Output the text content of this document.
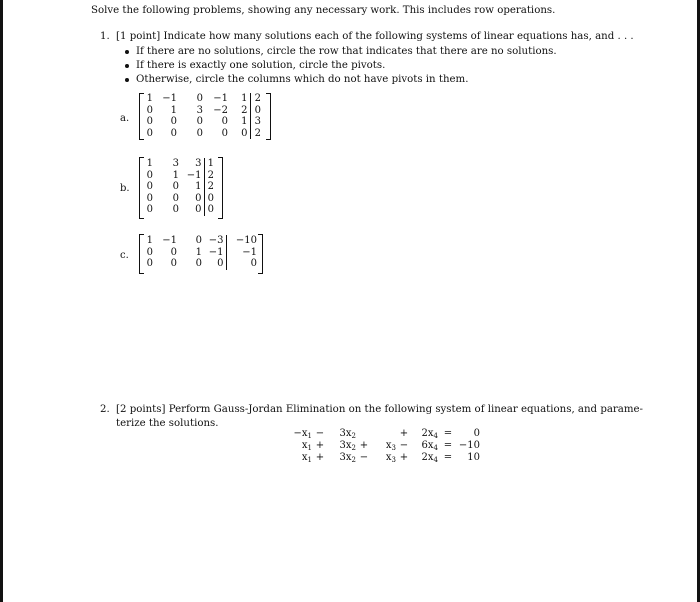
Solve the following problems, showing any necessary work. This includes row operations.
1. [1 point] Indicate how many solutions each of the following systems of linear equations has, and . . .
If there are no solutions, circle the row that indicates that there are no solutions.
If there is exactly one solution, circle the pivots.
Otherwise, circle the columns which do not have pivots in them.
a.
1	−1	0	−1	1	2
0	1	3	−2	2	0
0	0	0	0	1	3
0	0	0	0	0	2
b.
1	3	3	1
0	1	−1	2
0	0	1	2
0	0	0	0
0	0	0	0
c.
1	−1	0	−3	−10
0	0	1	−1	−1
0	0	0	0	0
2. [2 points] Perform Gauss-Jordan Elimination on the following system of linear equations, and parame-
terize the solutions.
$-x_1$	−	$3x_2$			+	$2x_4$	=	0
$x_1$	+	$3x_2$	+	$x_3$	−	$6x_4$	=	−10
$x_1$	+	$3x_2$	−	$x_3$	+	$2x_4$	=	10
